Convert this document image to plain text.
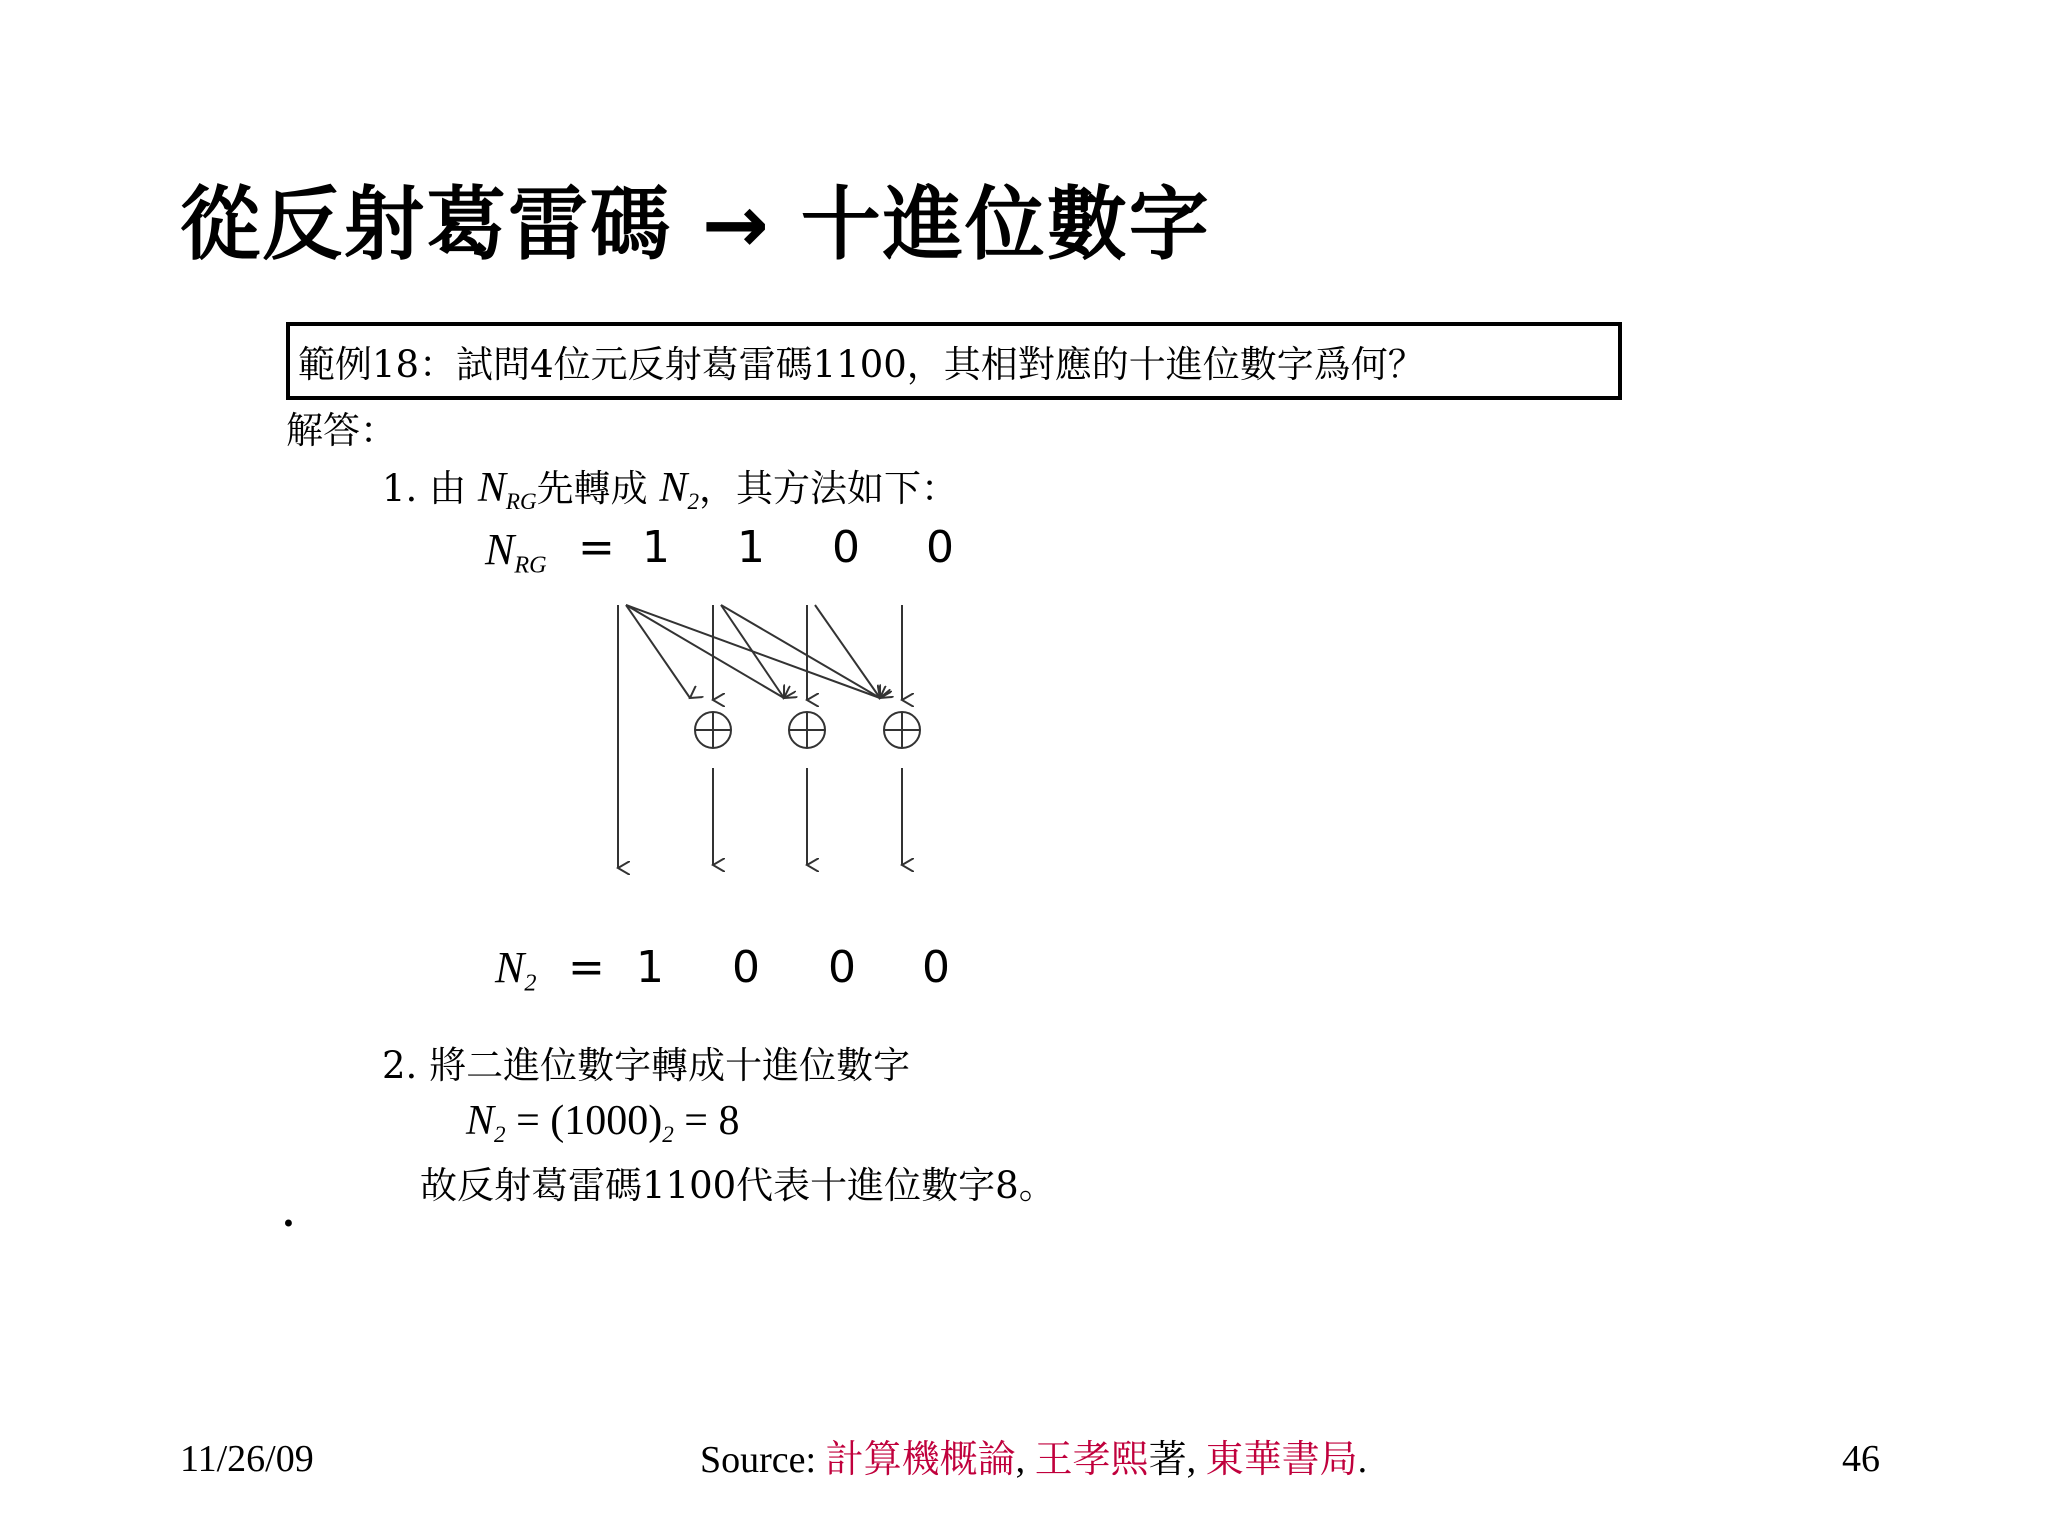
從反射葛雷碼 → 十進位數字
範例18：試問4位元反射葛雷碼1100，其相對應的十進位數字爲何？
解答：
1. 由 $N_{RG}$先轉成 $N_2$，其方法如下：
$N_{RG} = 1$ 1 0 0
$N_2 = 1$ 0 0 0
2. 將二進位數字轉成十進位數字
$N_2 = (1000)_2 = 8$
故反射葛雷碼1100代表十進位數字8。
.
11/26/09	Source: 計算機概論, 王孝熙著, 東華書局.	46
